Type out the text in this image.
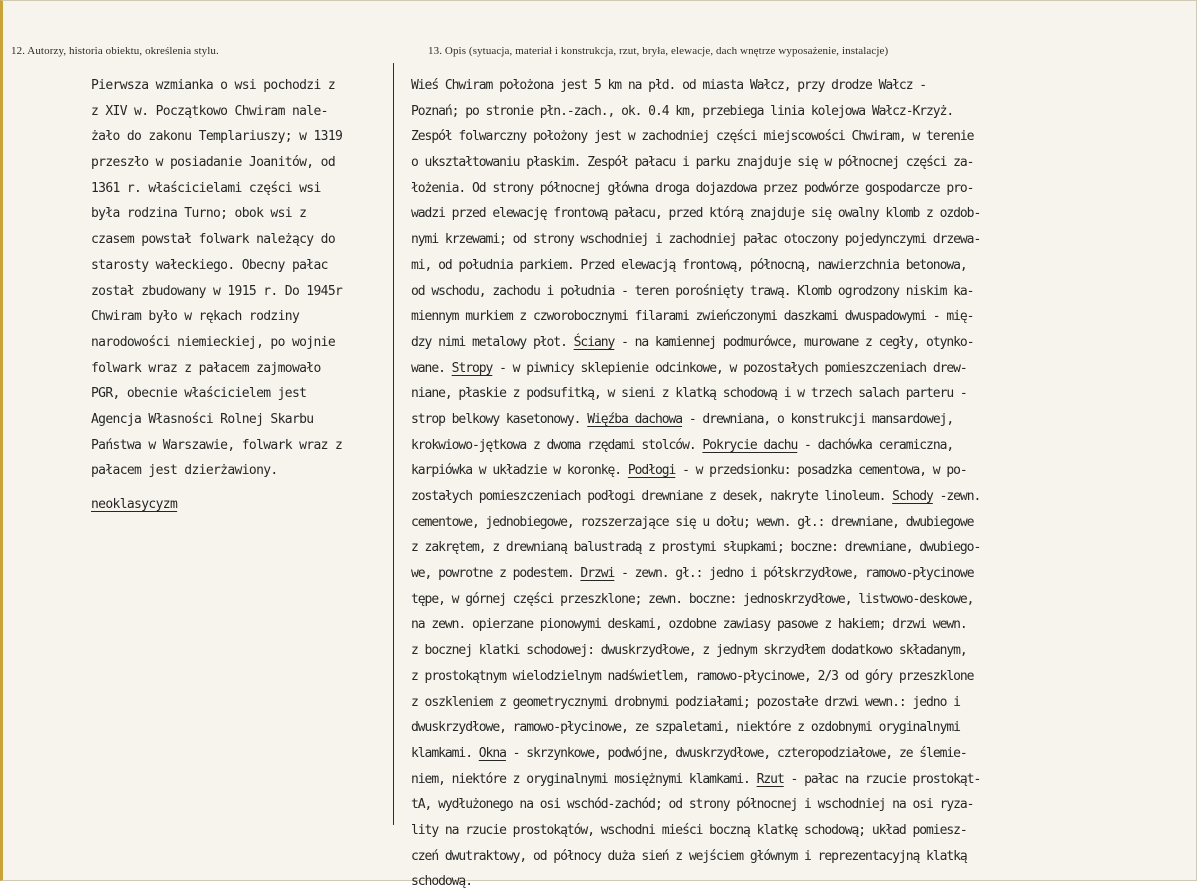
12. Autorzy, historia obiektu, określenia stylu.	13. Opis (sytuacja, materiał i konstrukcja, rzut, bryła, elewacje, dach wnętrze wyposażenie, instalacje)
Pierwsza wzmianka o wsi pochodzi z
z XIV w. Początkowo Chwiram nale-
żało do zakonu Templariuszy; w 1319
przeszło w posiadanie Joanitów, od
1361 r. właścicielami części wsi
była rodzina Turno; obok wsi z
czasem powstał folwark należący do
starosty wałeckiego. Obecny pałac
został zbudowany w 1915 r. Do 1945r
Chwiram było w rękach rodziny
narodowości niemieckiej, po wojnie
folwark wraz z pałacem zajmowało
PGR, obecnie właścicielem jest
Agencja Własności Rolnej Skarbu
Państwa w Warszawie, folwark wraz z
pałacem jest dzierżawiony.
neoklasycyzm
Wieś Chwiram położona jest 5 km na płd. od miasta Wałcz, przy drodze Wałcz -
Poznań; po stronie płn.-zach., ok. 0.4 km, przebiega linia kolejowa Wałcz-Krzyż.
Zespół folwarczny położony jest w zachodniej części miejscowości Chwiram, w terenie
o ukształtowaniu płaskim. Zespół pałacu i parku znajduje się w północnej części za-
łożenia. Od strony północnej główna droga dojazdowa przez podwórze gospodarcze pro-
wadzi przed elewację frontową pałacu, przed którą znajduje się owalny klomb z ozdob-
nymi krzewami; od strony wschodniej i zachodniej pałac otoczony pojedynczymi drzewa-
mi, od południa parkiem. Przed elewacją frontową, północną, nawierzchnia betonowa,
od wschodu, zachodu i południa - teren porośnięty trawą. Klomb ogrodzony niskim ka-
miennym murkiem z czworobocznymi filarami zwieńczonymi daszkami dwuspadowymi - mię-
dzy nimi metalowy płot. Ściany - na kamiennej podmurówce, murowane z cegły, otynko-
wane. Stropy - w piwnicy sklepienie odcinkowe, w pozostałych pomieszczeniach drew-
niane, płaskie z podsufitką, w sieni z klatką schodową i w trzech salach parteru -
strop belkowy kasetonowy. Więźba dachowa - drewniana, o konstrukcji mansardowej,
krokwiowo-jętkowa z dwoma rzędami stolców. Pokrycie dachu - dachówka ceramiczna,
karpiówka w układzie w koronkę. Podłogi - w przedsionku: posadzka cementowa, w po-
zostałych pomieszczeniach podłogi drewniane z desek, nakryte linoleum. Schody -zewn.
cementowe, jednobiegowe, rozszerzające się u dołu; wewn. gł.: drewniane, dwubiegowe
z zakrętem, z drewnianą balustradą z prostymi słupkami; boczne: drewniane, dwubiego-
we, powrotne z podestem. Drzwi - zewn. gł.: jedno i półskrzydłowe, ramowo-płycinowe
tępe, w górnej części przeszklone; zewn. boczne: jednoskrzydłowe, listwowo-deskowe,
na zewn. opierzane pionowymi deskami, ozdobne zawiasy pasowe z hakiem; drzwi wewn.
z bocznej klatki schodowej: dwuskrzydłowe, z jednym skrzydłem dodatkowo składanym,
z prostokątnym wielodzielnym nadświetlem, ramowo-płycinowe, 2/3 od góry przeszklone
z oszkleniem z geometrycznymi drobnymi podziałami; pozostałe drzwi wewn.: jedno i
dwuskrzydłowe, ramowo-płycinowe, ze szpaletami, niektóre z ozdobnymi oryginalnymi
klamkami. Okna - skrzynkowe, podwójne, dwuskrzydłowe, czteropodziałowe, ze ślemie-
niem, niektóre z oryginalnymi mosiężnymi klamkami. Rzut - pałac na rzucie prostokąt-
tA, wydłużonego na osi wschód-zachód; od strony północnej i wschodniej na osi ryza-
lity na rzucie prostokątów, wschodni mieści boczną klatkę schodową; układ pomiesz-
czeń dwutraktowy, od północy duża sień z wejściem głównym i reprezentacyjną klatką
schodową.
